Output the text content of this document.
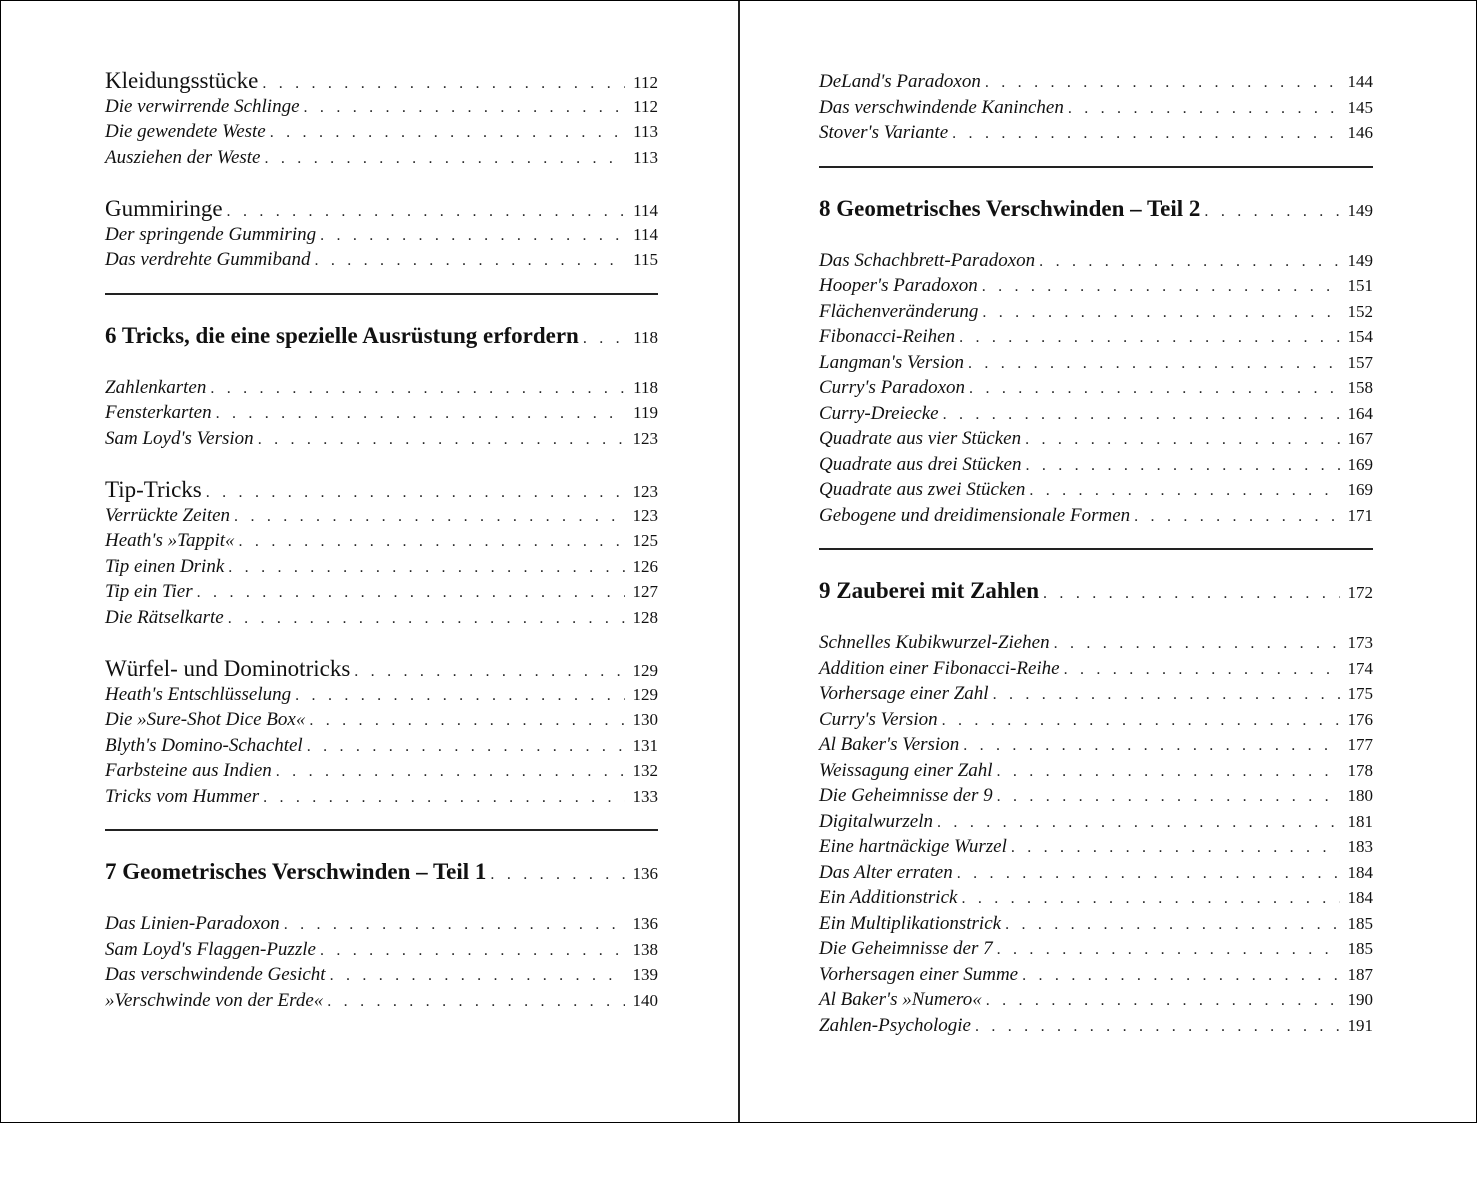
Kleidungsstücke . . .	112
Die verwirrende Schlinge . . .	112
Die gewendete Weste . . .	113
Ausziehen der Weste . . .	113
Gummiringe . . .	114
Der springende Gummiring . . .	114
Das verdrehte Gummiband . . .	115
6 Tricks, die eine spezielle Ausrüstung erfordern . . .	118
Zahlenkarten . . .	118
Fensterkarten . . .	119
Sam Loyd's Version . . .	123
Tip-Tricks . . .	123
Verrückte Zeiten . . .	123
Heath's »Tappit« . . .	125
Tip einen Drink . . .	126
Tip ein Tier . . .	127
Die Rätselkarte . . .	128
Würfel- und Dominotricks . . .	129
Heath's Entschlüsselung . . .	129
Die »Sure-Shot Dice Box« . . .	130
Blyth's Domino-Schachtel . . .	131
Farbsteine aus Indien . . .	132
Tricks vom Hummer . . .	133
7 Geometrisches Verschwinden – Teil 1 . . .	136
Das Linien-Paradoxon . . .	136
Sam Loyd's Flaggen-Puzzle . . .	138
Das verschwindende Gesicht . . .	139
»Verschwinde von der Erde« . . .	140
DeLand's Paradoxon . . .	144
Das verschwindende Kaninchen . . .	145
Stover's Variante . . .	146
8 Geometrisches Verschwinden – Teil 2 . . .	149
Das Schachbrett-Paradoxon . . .	149
Hooper's Paradoxon . . .	151
Flächenveränderung . . .	152
Fibonacci-Reihen . . .	154
Langman's Version . . .	157
Curry's Paradoxon . . .	158
Curry-Dreiecke . . .	164
Quadrate aus vier Stücken . . .	167
Quadrate aus drei Stücken . . .	169
Quadrate aus zwei Stücken . . .	169
Gebogene und dreidimensionale Formen . . .	171
9 Zauberei mit Zahlen . . .	172
Schnelles Kubikwurzel-Ziehen . . .	173
Addition einer Fibonacci-Reihe . . .	174
Vorhersage einer Zahl . . .	175
Curry's Version . . .	176
Al Baker's Version . . .	177
Weissagung einer Zahl . . .	178
Die Geheimnisse der 9 . . .	180
Digitalwurzeln . . .	181
Eine hartnäckige Wurzel . . .	183
Das Alter erraten . . .	184
Ein Additionstrick . . .	184
Ein Multiplikationstrick . . .	185
Die Geheimnisse der 7 . . .	185
Vorhersagen einer Summe . . .	187
Al Baker's »Numero« . . .	190
Zahlen-Psychologie . . .	191
